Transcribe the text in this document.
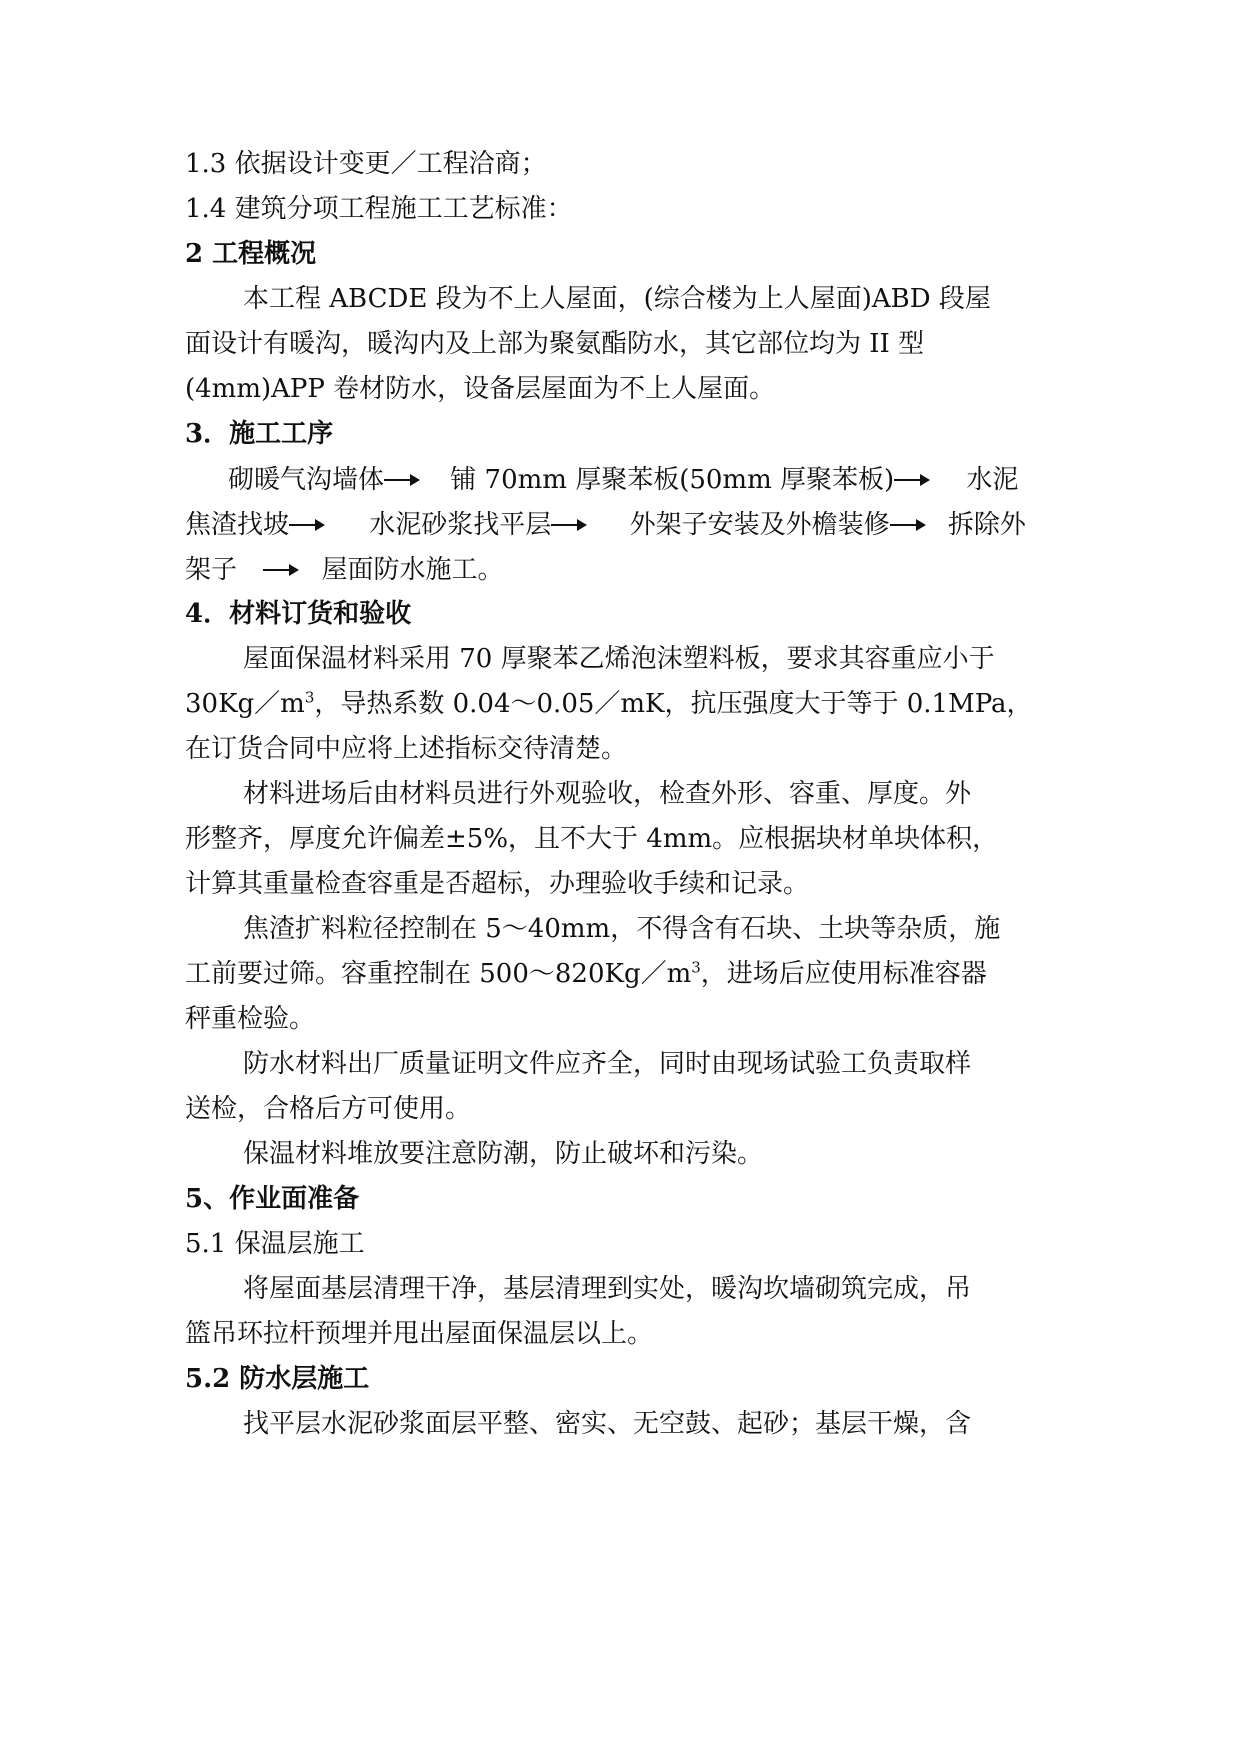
1.3 依据设计变更／工程洽商；
1.4 建筑分项工程施工工艺标准：
2 工程概况
本工程 ABCDE 段为不上人屋面，(综合楼为上人屋面)ABD 段屋
面设计有暖沟，暖沟内及上部为聚氨酯防水，其它部位均为 II 型
(4mm)APP 卷材防水，设备层屋面为不上人屋面。
3．施工工序
砌暖气沟墙体	铺 70mm 厚聚苯板(50mm 厚聚苯板)	水泥
焦渣找坡	水泥砂浆找平层	外架子安装及外檐装修 拆除外
架子	屋面防水施工。
4．材料订货和验收
屋面保温材料采用 70 厚聚苯乙烯泡沫塑料板，要求其容重应小于
$30Kg/m^3$，导热系数 0.04～0.05／mK，抗压强度大于等于 0.1MPa，
在订货合同中应将上述指标交待清楚。
材料进场后由材料员进行外观验收，检查外形、容重、厚度。外
形整齐，厚度允许偏差±5%，且不大于 4mm。应根据块材单块体积，
计算其重量检查容重是否超标，办理验收手续和记录。
焦渣扩料粒径控制在 5～40mm，不得含有石块、土块等杂质，施
工前要过筛。容重控制在 $500\sim 820Kg/m^3$，进场后应使用标准容器
秤重检验。
防水材料出厂质量证明文件应齐全，同时由现场试验工负责取样
送检，合格后方可使用。
保温材料堆放要注意防潮，防止破坏和污染。
5、作业面准备
5.1 保温层施工
将屋面基层清理干净，基层清理到实处，暖沟坎墙砌筑完成，吊
篮吊环拉杆预埋并甩出屋面保温层以上。
5.2 防水层施工
找平层水泥砂浆面层平整、密实、无空鼓、起砂；基层干燥，含
